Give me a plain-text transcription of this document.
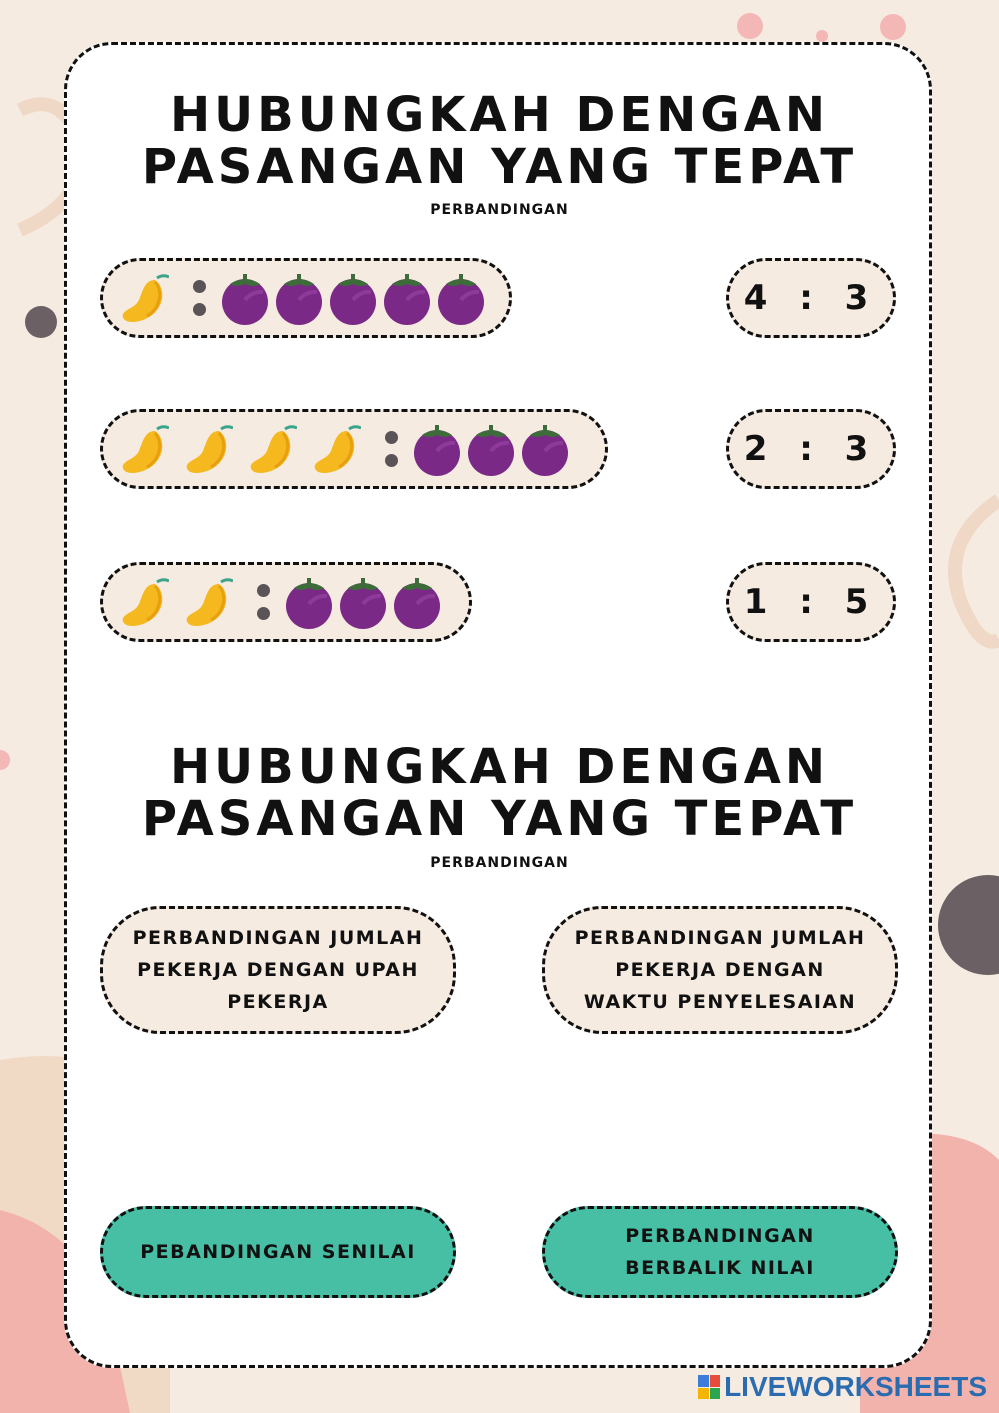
HUBUNGKAH DENGAN
PASANGAN YANG TEPAT
PERBANDINGAN
4 : 3
2 : 3
1 : 5
HUBUNGKAH DENGAN
PASANGAN YANG TEPAT
PERBANDINGAN
PERBANDINGAN JUMLAH PEKERJA DENGAN UPAH PEKERJA
PERBANDINGAN JUMLAH PEKERJA DENGAN WAKTU PENYELESAIAN
PEBANDINGAN SENILAI
PERBANDINGAN BERBALIK NILAI
LIVEWORKSHEETS
